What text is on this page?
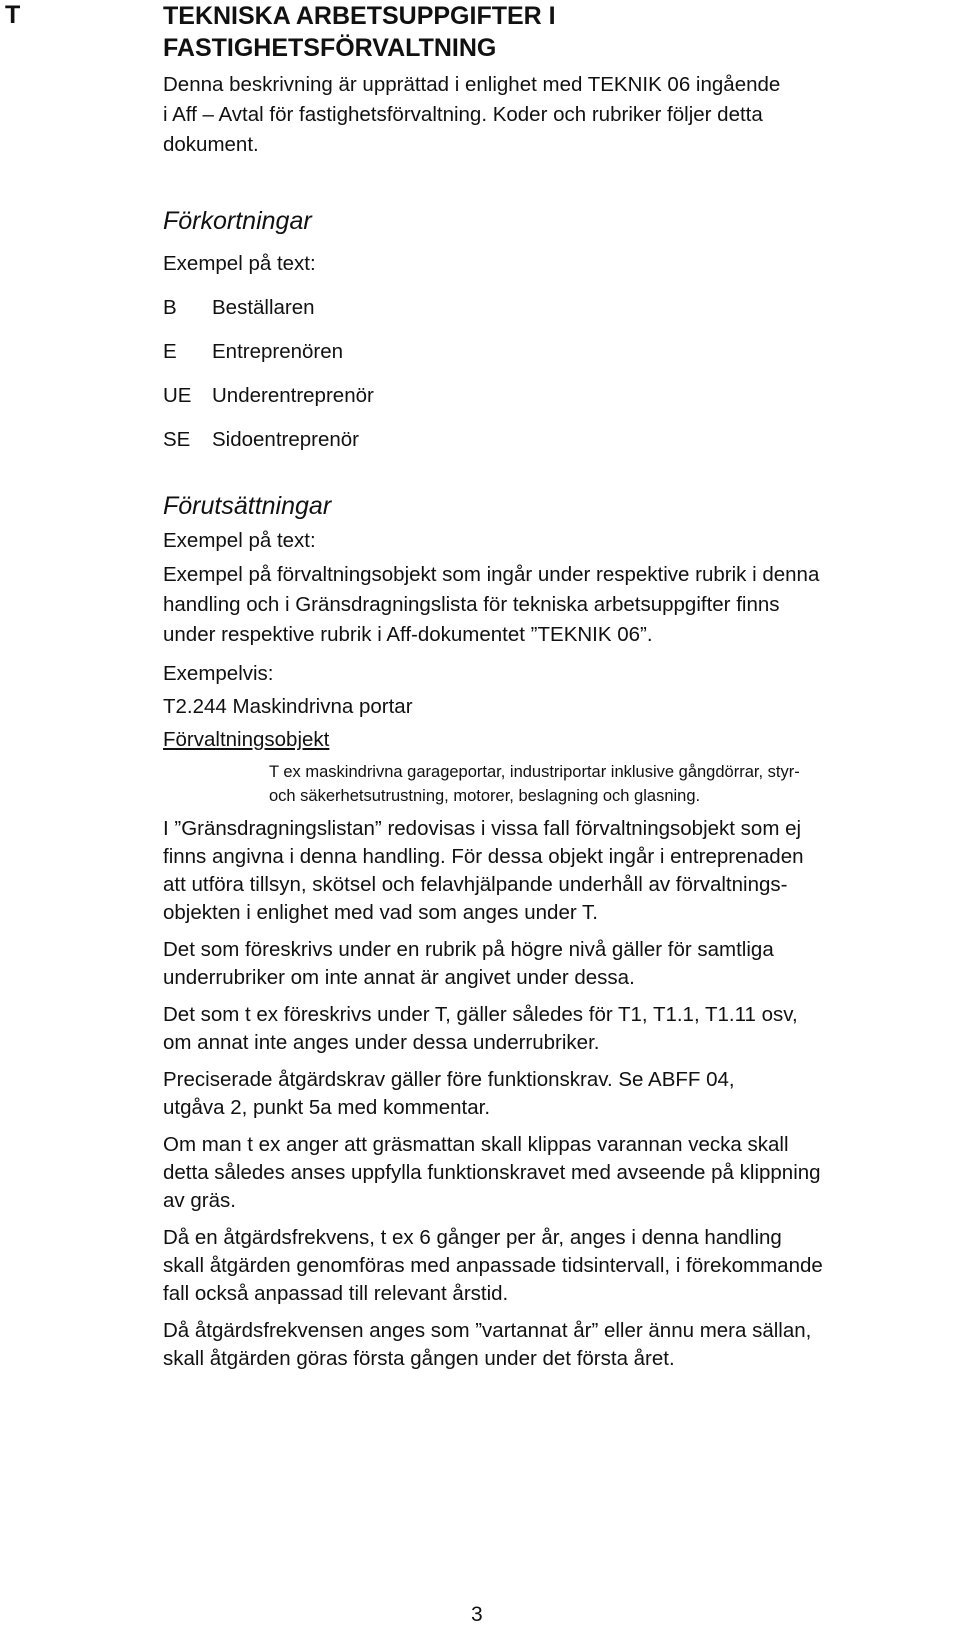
T	TEKNISKA ARBETSUPPGIFTER I
FASTIGHETSFÖRVALTNING
Denna beskrivning är upprättad i enlighet med TEKNIK 06 ingående
i Aff – Avtal för fastighetsförvaltning. Koder och rubriker följer detta
dokument.
Förkortningar
Exempel på text:
B	Beställaren
E	Entreprenören
UE	Underentreprenör
SE	Sidoentreprenör
Förutsättningar
Exempel på text:
Exempel på förvaltningsobjekt som ingår under respektive rubrik i denna
handling och i Gränsdragningslista för tekniska arbetsuppgifter finns
under respektive rubrik i Aff-dokumentet ”TEKNIK 06”.
Exempelvis:
T2.244 Maskindrivna portar
Förvaltningsobjekt
T ex maskindrivna garageportar, industriportar inklusive gångdörrar, styr-
och säkerhetsutrustning, motorer, beslagning och glasning.
I ”Gränsdragningslistan” redovisas i vissa fall förvaltningsobjekt som ej
finns angivna i denna handling. För dessa objekt ingår i entreprenaden
att utföra tillsyn, skötsel och felavhjälpande underhåll av förvaltnings-
objekten i enlighet med vad som anges under T.
Det som föreskrivs under en rubrik på högre nivå gäller för samtliga
underrubriker om inte annat är angivet under dessa.
Det som t ex föreskrivs under T, gäller således för T1, T1.1, T1.11 osv,
om annat inte anges under dessa underrubriker.
Preciserade åtgärdskrav gäller före funktionskrav. Se ABFF 04,
utgåva 2, punkt 5a med kommentar.
Om man t ex anger att gräsmattan skall klippas varannan vecka skall
detta således anses uppfylla funktionskravet med avseende på klippning
av gräs.
Då en åtgärdsfrekvens, t ex 6 gånger per år, anges i denna handling
skall åtgärden genomföras med anpassade tidsintervall, i förekommande
fall också anpassad till relevant årstid.
Då åtgärdsfrekvensen anges som ”vartannat år” eller ännu mera sällan,
skall åtgärden göras första gången under det första året.
3
